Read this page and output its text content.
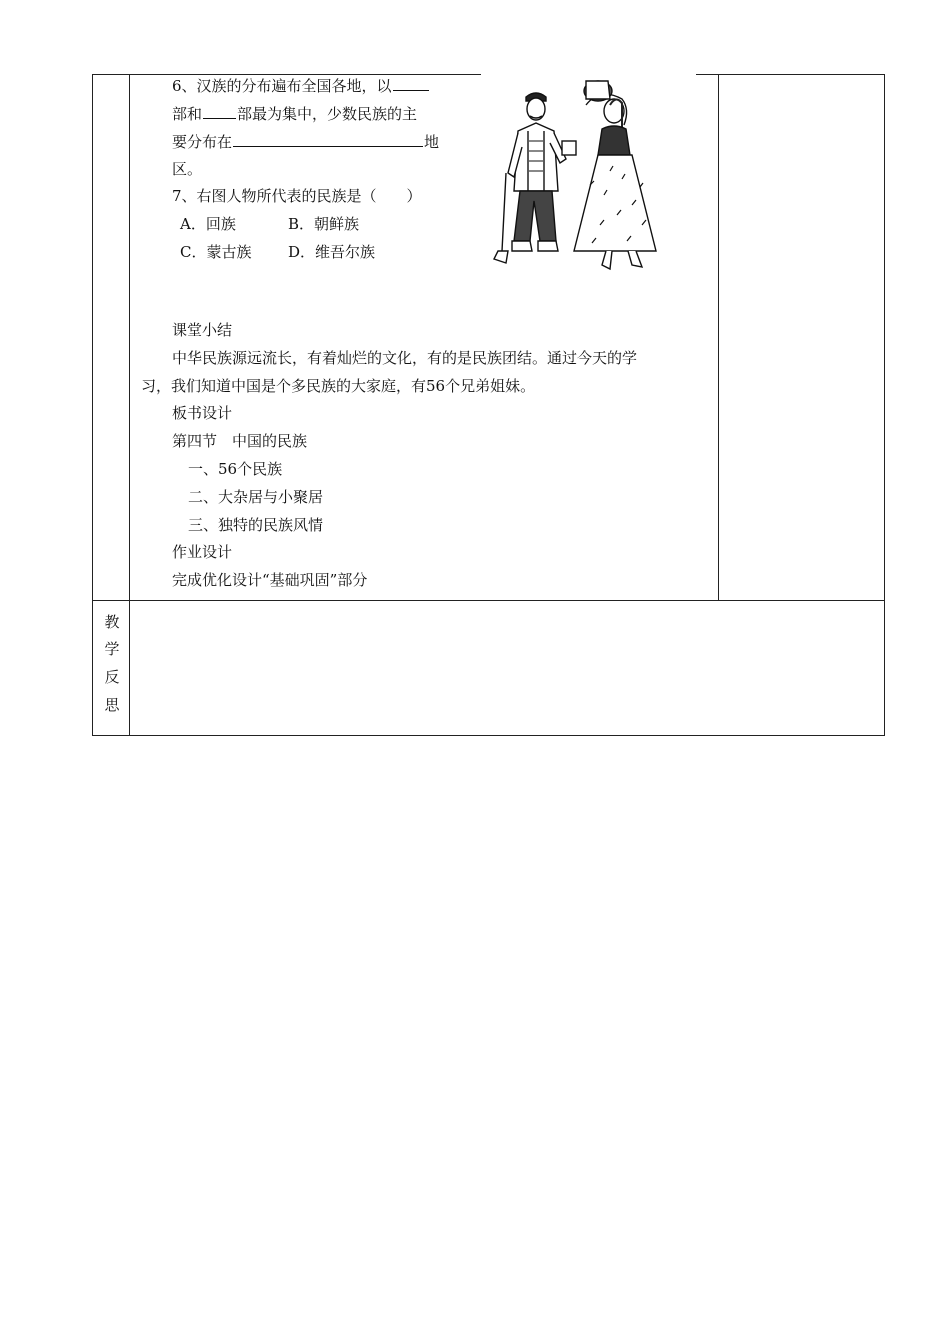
6、汉族的分布遍布全国各地，以
部和 部最为集中，少数民族的主
要分布在	地
区。
7、右图人物所代表的民族是（　　）
A．回族	B．朝鲜族
C．蒙古族 D．维吾尔族
课堂小结
中华民族源远流长，有着灿烂的文化，有的是民族团结。通过今天的学
习，我们知道中国是个多民族的大家庭，有56个兄弟姐妹。
板书设计
第四节　中国的民族
一、56个民族
二、大杂居与小聚居
三、独特的民族风情
作业设计
完成优化设计“基础巩固”部分
教
学
反
思
